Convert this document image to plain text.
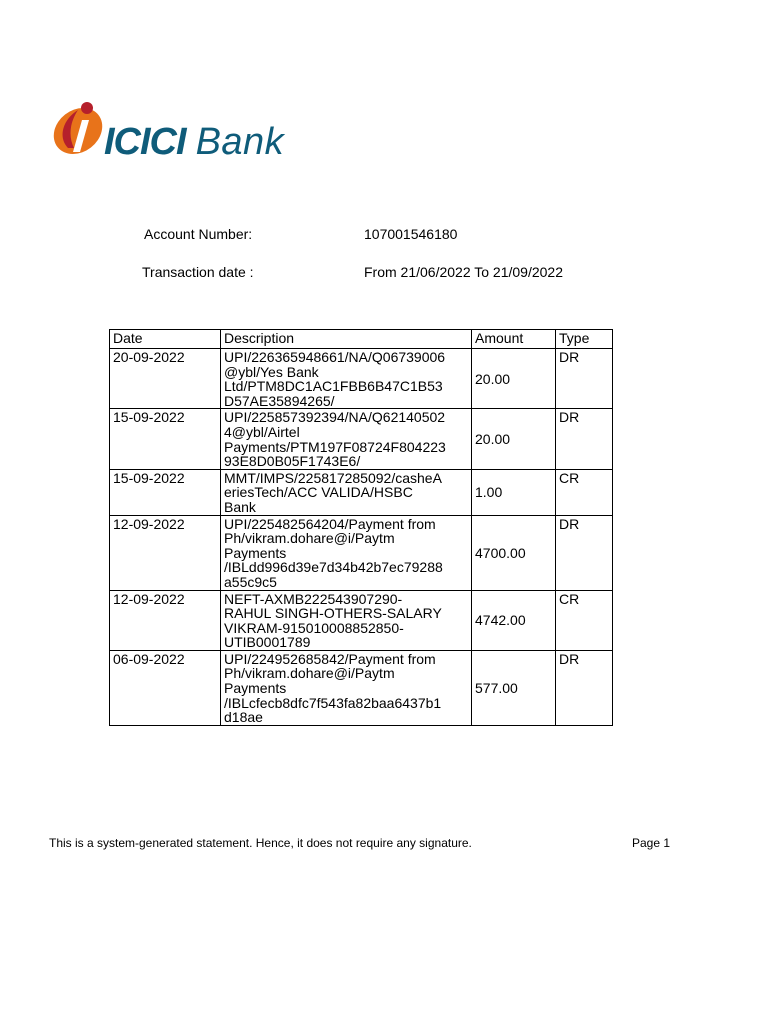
ICICI Bank
Account Number:	107001546180
Transaction date :	From 21/06/2022 To 21/09/2022
Date	Description	Amount	Type
20-09-2022	UPI/226365948661/NA/Q06739006
@ybl/Yes Bank
Ltd/PTM8DC1AC1FBB6B47C1B53
D57AE35894265/	20.00	DR
15-09-2022	UPI/225857392394/NA/Q62140502
4@ybl/Airtel
Payments/PTM197F08724F804223
93E8D0B05F1743E6/	20.00	DR
15-09-2022	MMT/IMPS/225817285092/casheA
eriesTech/ACC VALIDA/HSBC
Bank	1.00	CR
12-09-2022	UPI/225482564204/Payment from
Ph/vikram.dohare@i/Paytm
Payments
/IBLdd996d39e7d34b42b7ec79288
a55c9c5	4700.00	DR
12-09-2022	NEFT-AXMB222543907290-
RAHUL SINGH-OTHERS-SALARY
VIKRAM-915010008852850-
UTIB0001789	4742.00	CR
06-09-2022	UPI/224952685842/Payment from
Ph/vikram.dohare@i/Paytm
Payments
/IBLcfecb8dfc7f543fa82baa6437b1
d18ae	577.00	DR
This is a system-generated statement. Hence, it does not require any signature.	Page 1
